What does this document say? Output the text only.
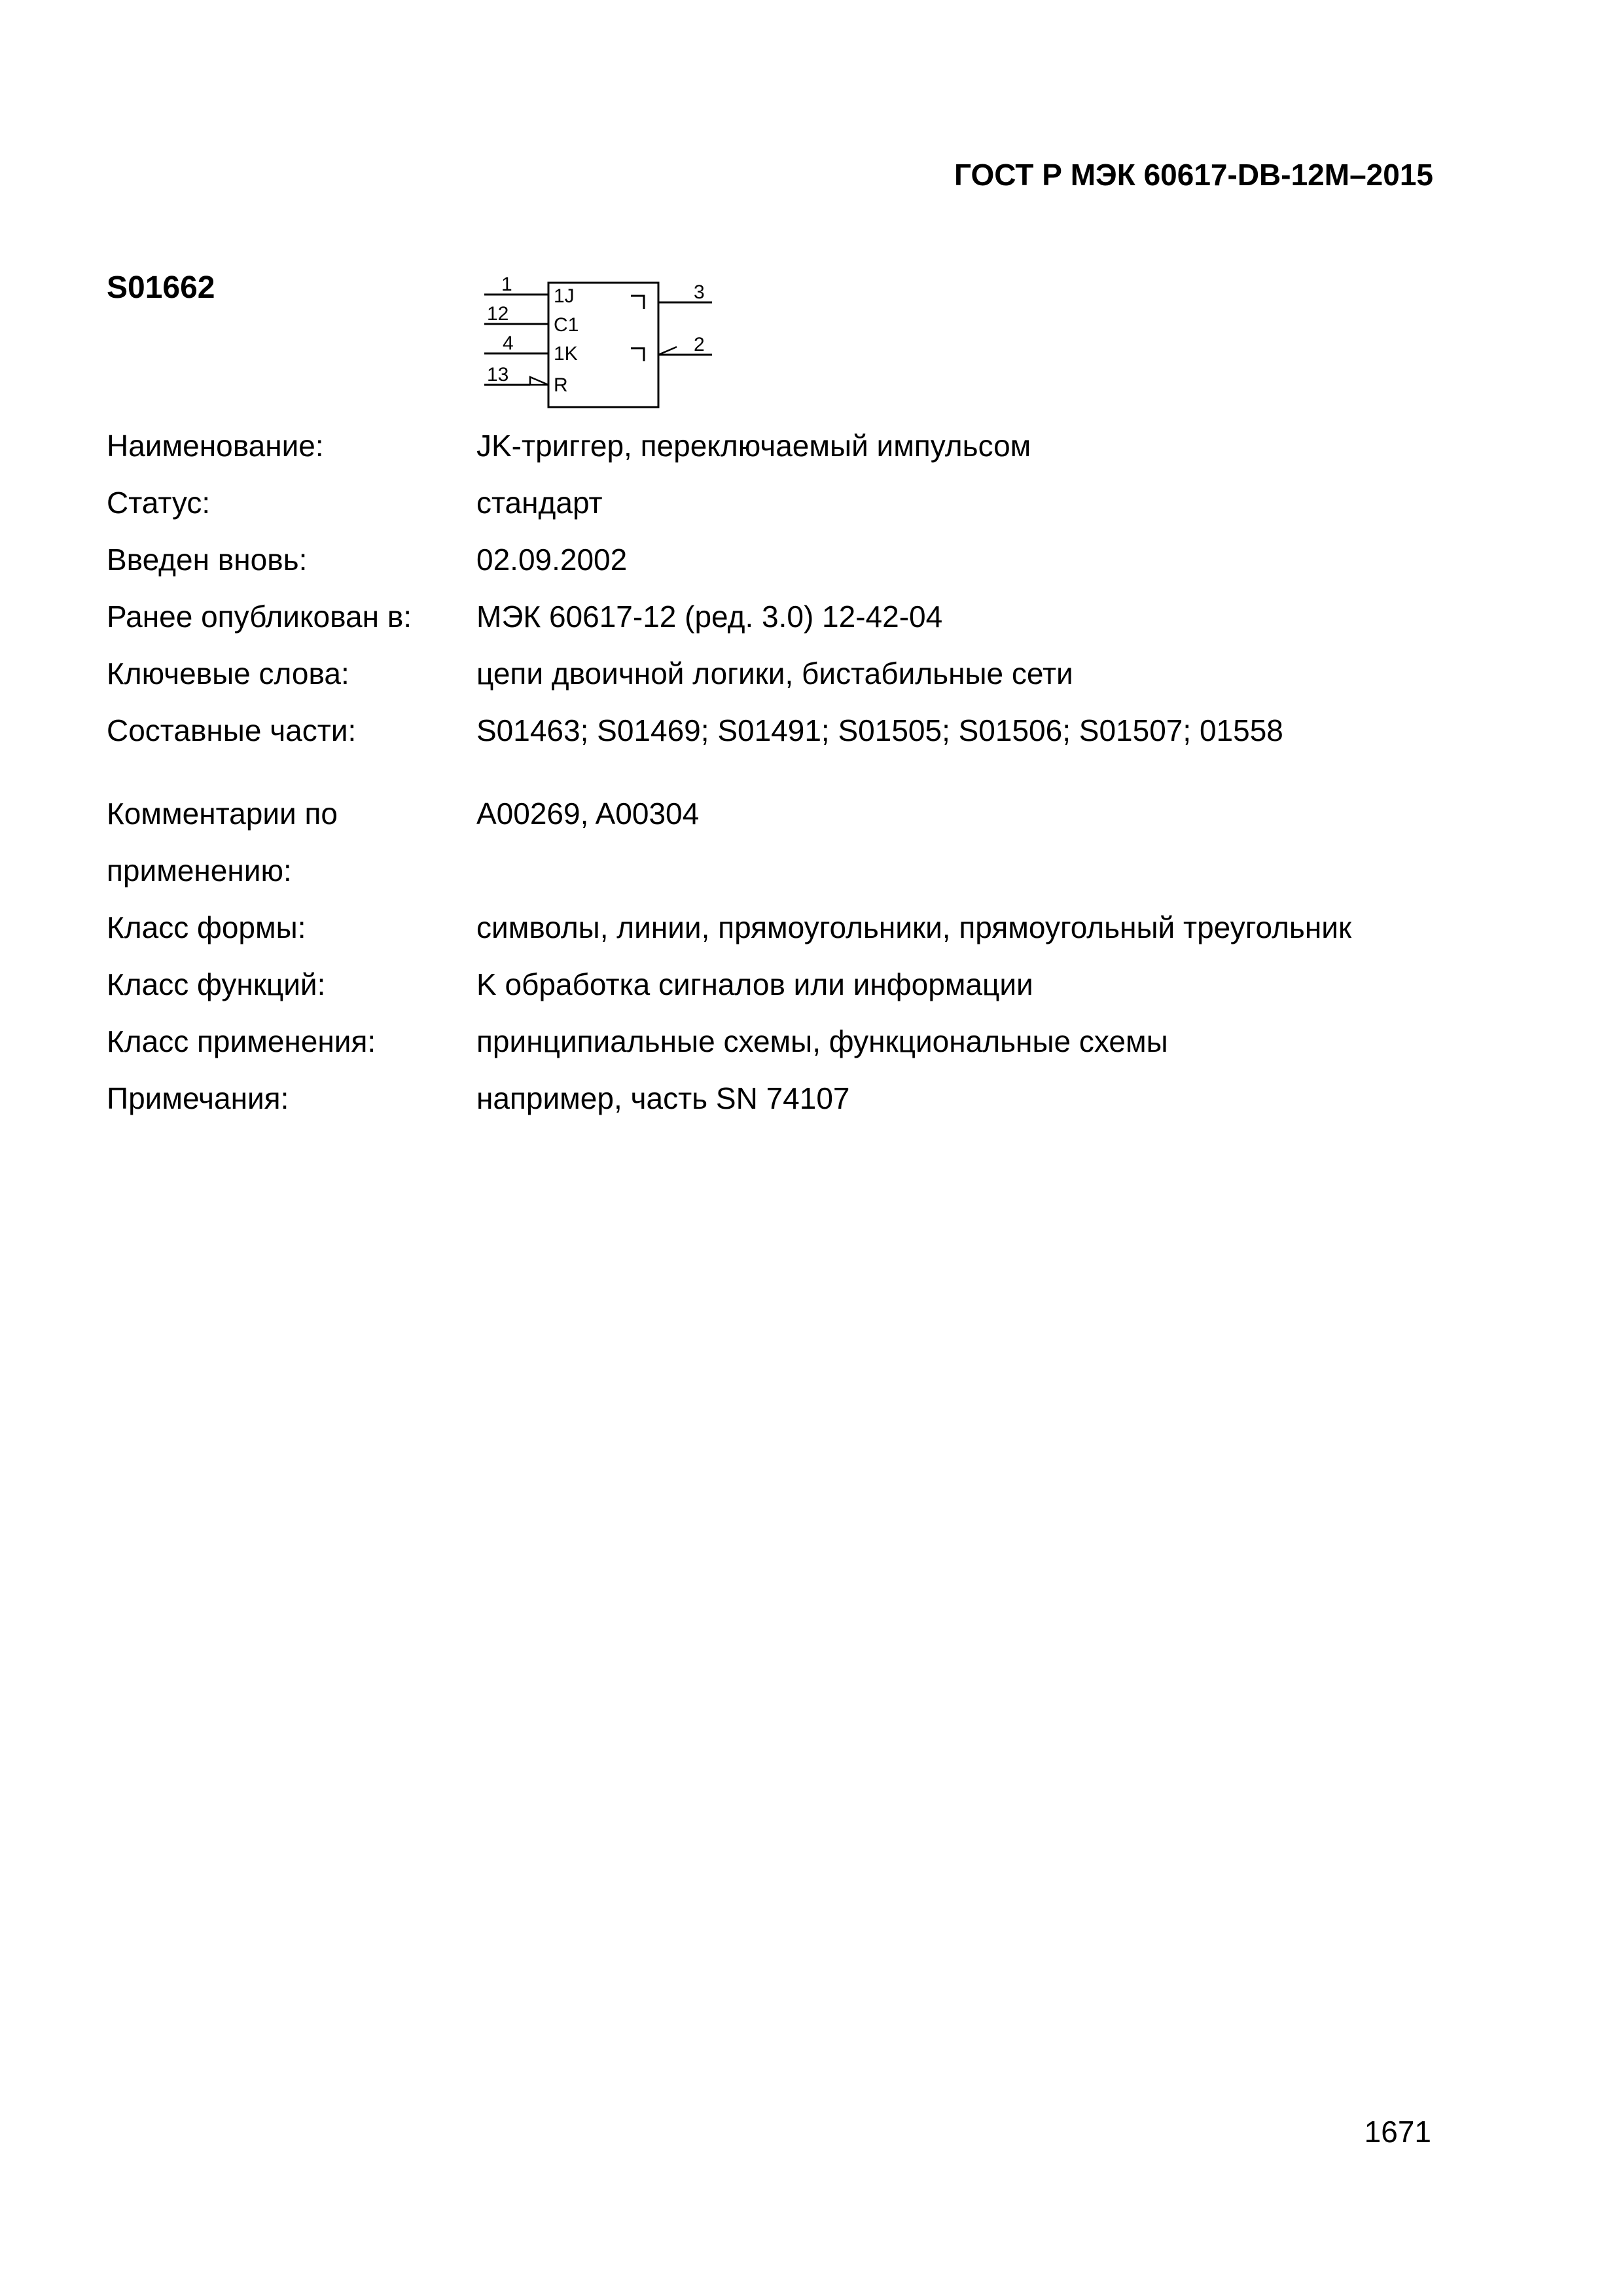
ГОСТ Р МЭК 60617-DB-12M–2015
S01662	1
12
4
13
3
2
1J
C1
1K
R
Наименование:	JK-триггер, переключаемый импульсом
Статус:	стандарт
Введен вновь:	02.09.2002
Ранее опубликован в:	МЭК 60617-12 (ред. 3.0) 12-42-04
Ключевые слова:	цепи двоичной логики, бистабильные сети
Составные части:	S01463; S01469; S01491; S01505; S01506; S01507; 01558
Комментарии по	A00269, A00304
применению:
Класс формы:	символы, линии, прямоугольники, прямоугольный треугольник
Класс функций:	K обработка сигналов или информации
Класс применения:	принципиальные схемы, функциональные схемы
Примечания:	например, часть SN 74107
1671
